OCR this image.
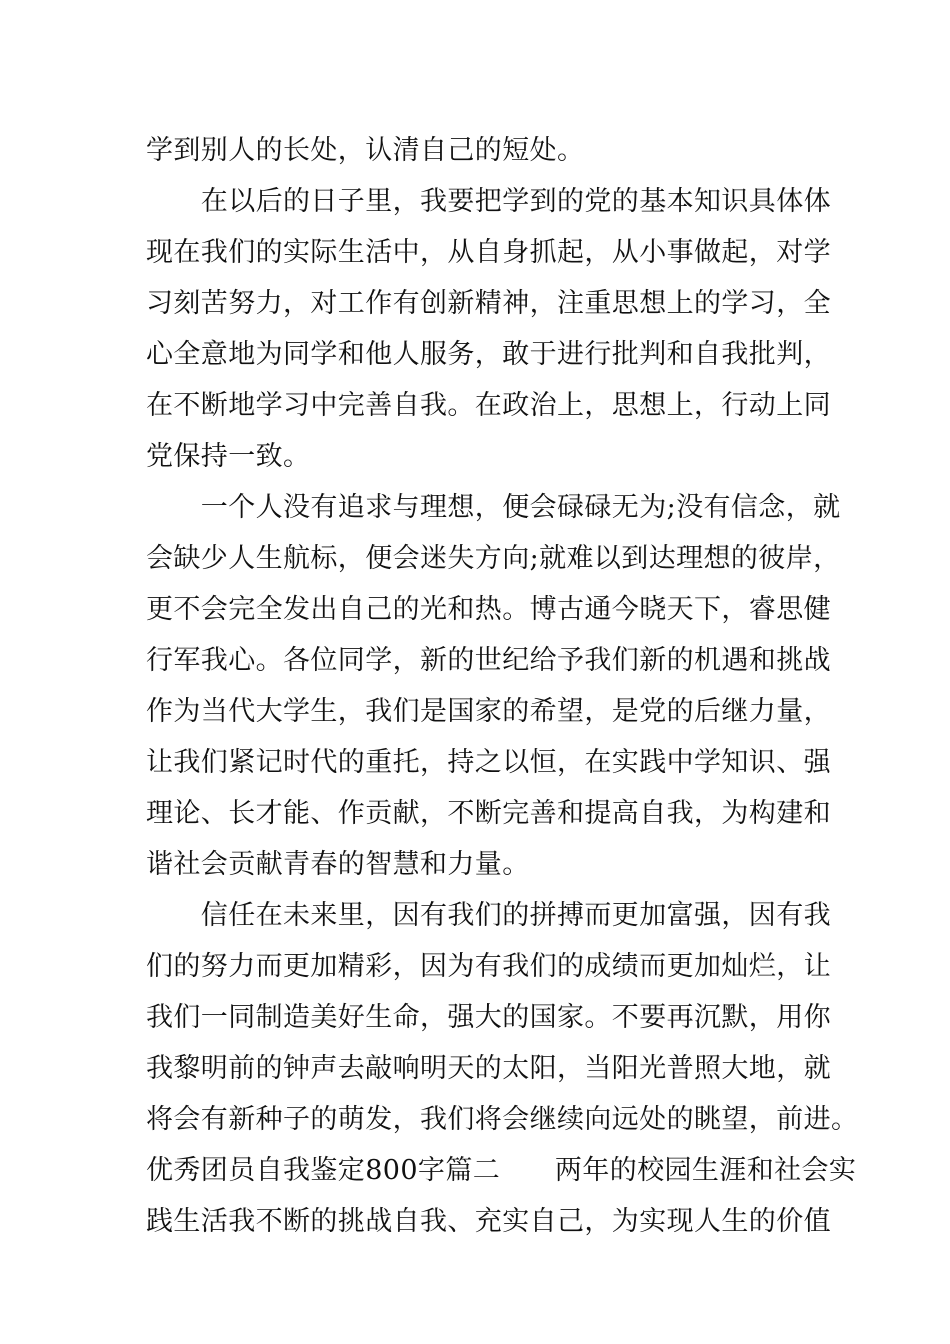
学到别人的长处，认清自己的短处。
　　在以后的日子里，我要把学到的党的基本知识具体体
现在我们的实际生活中，从自身抓起，从小事做起，对学
习刻苦努力，对工作有创新精神，注重思想上的学习，全
心全意地为同学和他人服务，敢于进行批判和自我批判，
在不断地学习中完善自我。在政治上，思想上，行动上同
党保持一致。
　　一个人没有追求与理想，便会碌碌无为;没有信念，就
会缺少人生航标，便会迷失方向;就难以到达理想的彼岸，
更不会完全发出自己的光和热。博古通今晓天下，睿思健
行军我心。各位同学，新的世纪给予我们新的机遇和挑战
作为当代大学生，我们是国家的希望，是党的后继力量，
让我们紧记时代的重托，持之以恒，在实践中学知识、强
理论、长才能、作贡献，不断完善和提高自我，为构建和
谐社会贡献青春的智慧和力量。
　　信任在未来里，因有我们的拼搏而更加富强，因有我
们的努力而更加精彩，因为有我们的成绩而更加灿烂，让
我们一同制造美好生命，强大的国家。不要再沉默，用你
我黎明前的钟声去敲响明天的太阳，当阳光普照大地，就
将会有新种子的萌发，我们将会继续向远处的眺望，前进。
优秀团员自我鉴定800字篇二　　两年的校园生涯和社会实
践生活我不断的挑战自我、充实自己，为实现人生的价值
